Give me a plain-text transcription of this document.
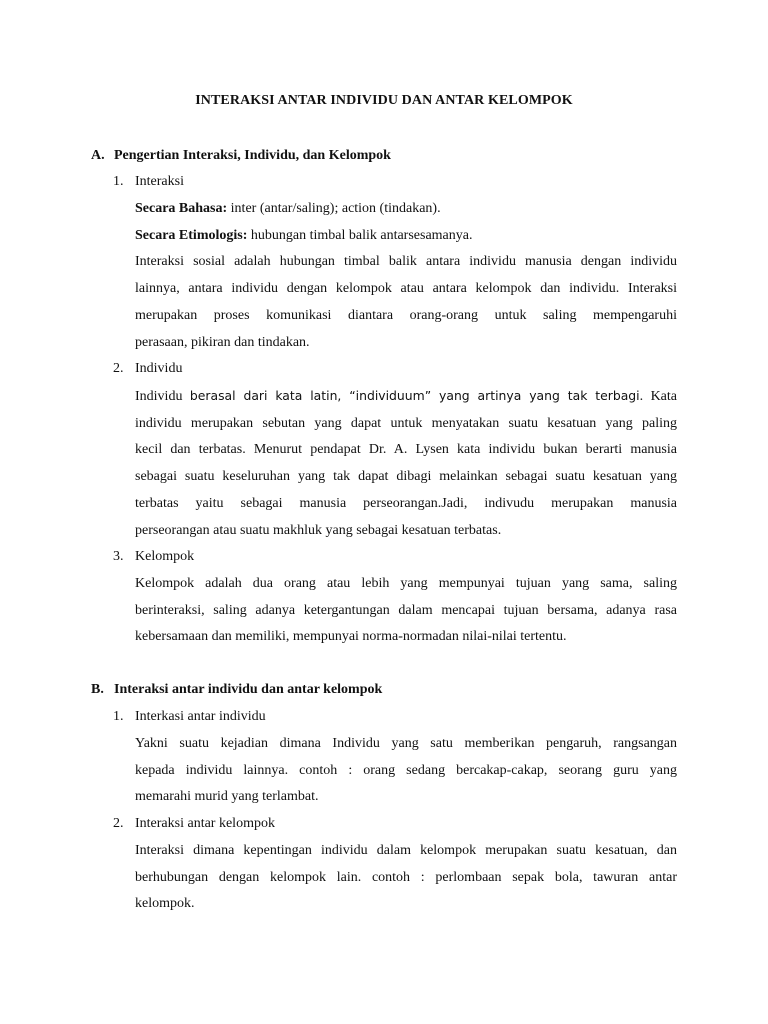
INTERAKSI ANTAR INDIVIDU DAN ANTAR KELOMPOK
A. Pengertian Interaksi, Individu, dan Kelompok
1. Interaksi
Secara Bahasa: inter (antar/saling); action (tindakan).
Secara Etimologis: hubungan timbal balik antarsesamanya.
Interaksi sosial adalah hubungan timbal balik antara individu manusia dengan individu
lainnya, antara individu dengan kelompok atau antara kelompok dan individu. Interaksi
merupakan proses komunikasi diantara orang-orang untuk saling mempengaruhi
perasaan, pikiran dan tindakan.
2. Individu
Individu berasal dari kata latin, “individuum” yang artinya yang tak terbagi. Kata
individu merupakan sebutan yang dapat untuk menyatakan suatu kesatuan yang paling
kecil dan terbatas. Menurut pendapat Dr. A. Lysen kata individu bukan berarti manusia
sebagai suatu keseluruhan yang tak dapat dibagi melainkan sebagai suatu kesatuan yang
terbatas yaitu sebagai manusia perseorangan.Jadi, indivudu merupakan manusia
perseorangan atau suatu makhluk yang sebagai kesatuan terbatas.
3. Kelompok
Kelompok adalah dua orang atau lebih yang mempunyai tujuan yang sama, saling
berinteraksi, saling adanya ketergantungan dalam mencapai tujuan bersama, adanya rasa
kebersamaan dan memiliki, mempunyai norma-normadan nilai-nilai tertentu.
B. Interaksi antar individu dan antar kelompok
1. Interkasi antar individu
Yakni suatu kejadian dimana Individu yang satu memberikan pengaruh, rangsangan
kepada individu lainnya. contoh : orang sedang bercakap-cakap, seorang guru yang
memarahi murid yang terlambat.
2. Interaksi antar kelompok
Interaksi dimana kepentingan individu dalam kelompok merupakan suatu kesatuan, dan
berhubungan dengan kelompok lain. contoh : perlombaan sepak bola, tawuran antar
kelompok.
